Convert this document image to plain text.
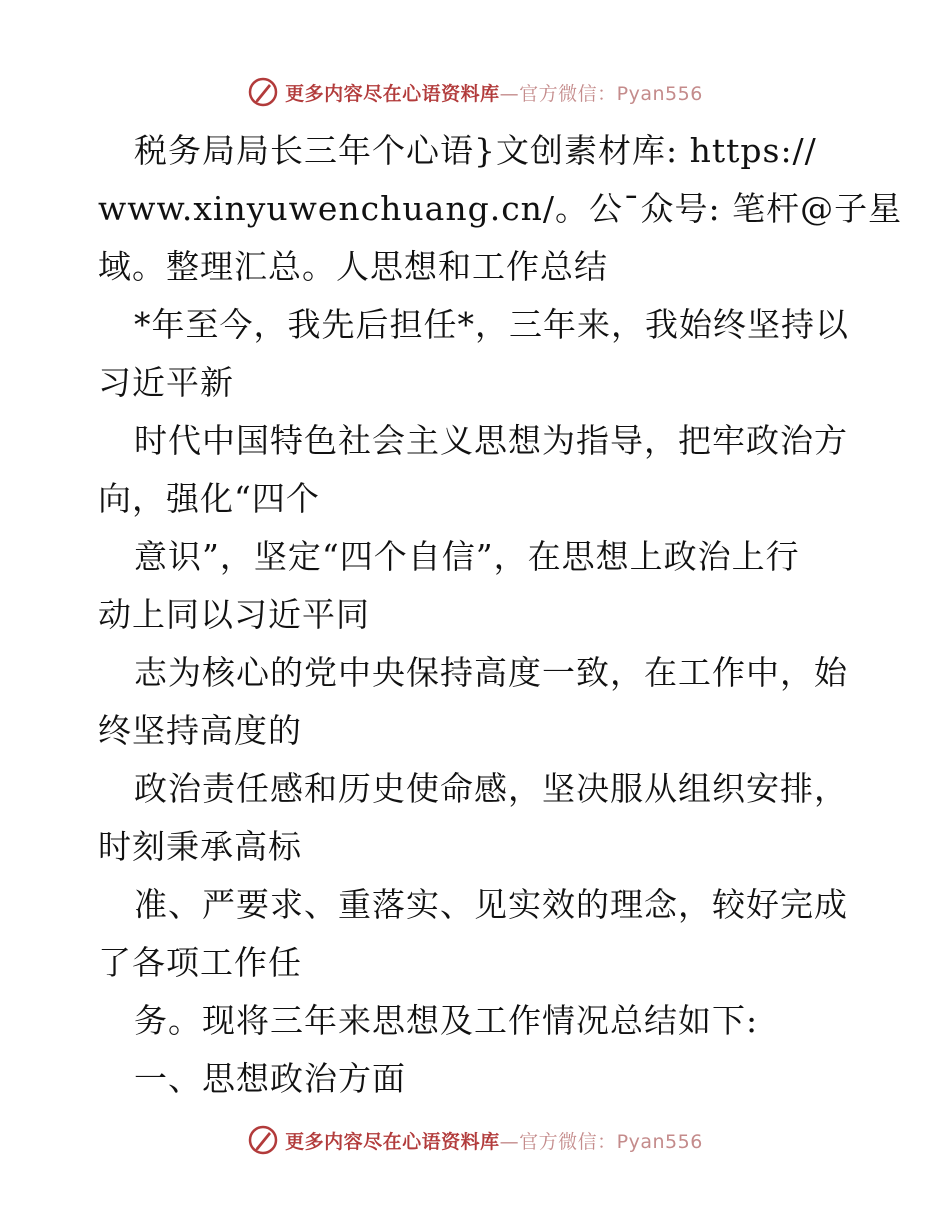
更多内容尽在心语资料库—官方微信：Pyan556
税务局局长三年个心语}文创素材库: https://
www.xinyuwenchuang.cn/。公¯众号: 笔杆@子星
域。整理汇总。人思想和工作总结
*年至今，我先后担任*，三年来，我始终坚持以
习近平新
时代中国特色社会主义思想为指导，把牢政治方
向，强化“四个
意识”，坚定“四个自信”，在思想上政治上行
动上同以习近平同
志为核心的党中央保持高度一致，在工作中，始
终坚持高度的
政治责任感和历史使命感，坚决服从组织安排，
时刻秉承高标
准、严要求、重落实、见实效的理念，较好完成
了各项工作任
务。现将三年来思想及工作情况总结如下:
一、思想政治方面
更多内容尽在心语资料库—官方微信：Pyan556
